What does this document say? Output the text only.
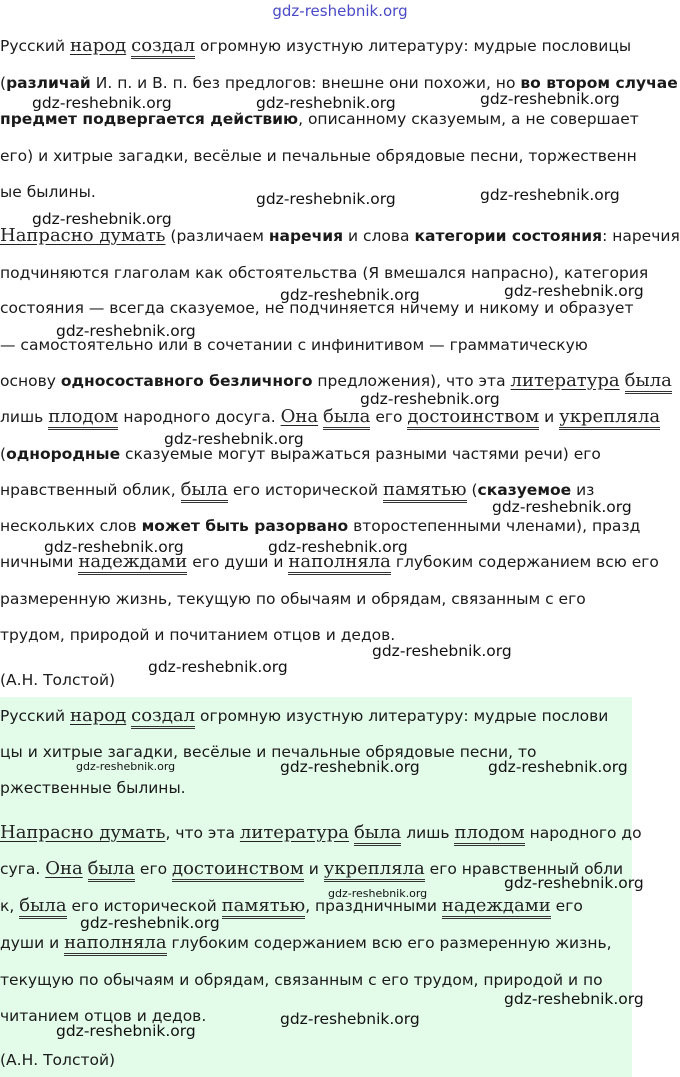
gdz-reshebnik.org
Русский народ создал огромную изустную литературу: мудрые пословицы
(различай И. п. и В. п. без предлогов: внешне они похожи, но во втором случае
предмет подвергается действию, описанному сказуемым, а не совершает
его) и хитрые загадки, весёлые и печальные обрядовые песни, торжественн
ые былины.
Напрасно думать (различаем наречия и слова категории состояния: наречия
подчиняются глаголам как обстоятельства (Я вмешался напрасно), категория
состояния — всегда сказуемое, не подчиняется ничему и никому и образует
— самостоятельно или в сочетании с инфинитивом — грамматическую
основу односоставного безличного предложения), что эта литература была
лишь плодом народного досуга. Она была его достоинством и укрепляла
(однородные сказуемые могут выражаться разными частями речи) его
нравственный облик, была его исторической памятью (сказуемое из
нескольких слов может быть разорвано второстепенными членами), празд
ничными надеждами его души и наполняла глубоким содержанием всю его
размеренную жизнь, текущую по обычаям и обрядам, связанным с его
трудом, природой и почитанием отцов и дедов.
(А.Н. Толстой)
Русский народ создал огромную изустную литературу: мудрые послови
цы и хитрые загадки, весёлые и печальные обрядовые песни, то
ржественные былины.
Напрасно думать, что эта литература была лишь плодом народного до
суга. Она была его достоинством и укрепляла его нравственный обли
к, была его исторической памятью, праздничными надеждами его
души и наполняла глубоким содержанием всю его размеренную жизнь,
текущую по обычаям и обрядам, связанным с его трудом, природой и по
читанием отцов и дедов.
(А.Н. Толстой)
gdz-reshebnik.org	gdz-reshebnik.org	gdz-reshebnik.org
gdz-reshebnik.org	gdz-reshebnik.org
gdz-reshebnik.org
gdz-reshebnik.org	gdz-reshebnik.org
gdz-reshebnik.org
gdz-reshebnik.org
gdz-reshebnik.org
gdz-reshebnik.org
gdz-reshebnik.org	gdz-reshebnik.org
gdz-reshebnik.org
gdz-reshebnik.org
gdz-reshebnik.org	gdz-reshebnik.org	gdz-reshebnik.org
gdz-reshebnik.org
gdz-reshebnik.org
gdz-reshebnik.org
gdz-reshebnik.org
gdz-reshebnik.org
gdz-reshebnik.org
